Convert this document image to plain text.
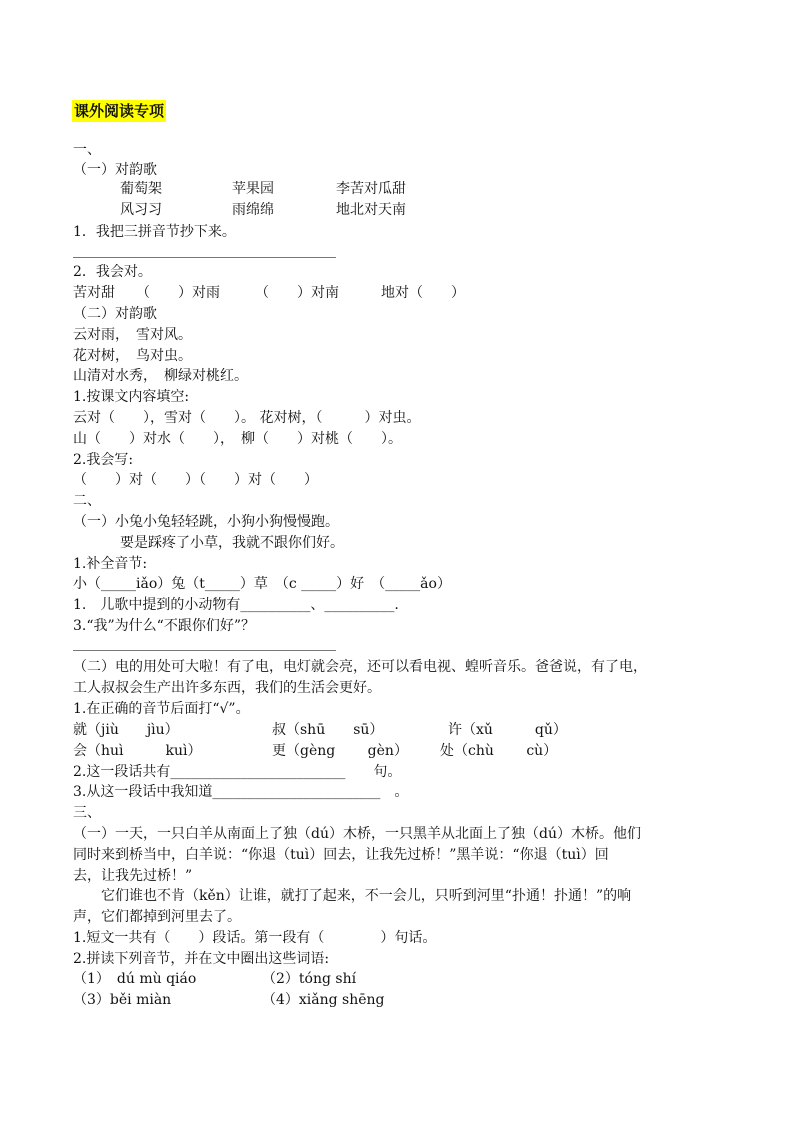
课外阅读专项
一、
（一）对韵歌
葡萄架	苹果园	李苦对瓜甜
风习习	雨绵绵	地北对天南
1．我把三拼音节抄下来。
2．我会对。
苦对甜　　（　　）对雨　　　（　　）对南　　　地对（　　）
（二）对韵歌
云对雨，　雪对风。
花对树，　鸟对虫。
山清对水秀，　柳绿对桃红。
1.按课文内容填空:
云对（　　），雪对（　　）。 花对树，（　　　）对虫。
山（　　）对水（　　），　柳（　　）对桃（　　）。
2.我会写:
（　　）对（　　）（　　）对（　　）
二、
（一）小兔小兔轻轻跳，小狗小狗慢慢跑。
要是踩疼了小草，我就不跟你们好。
1.补全音节:
小（_____iǎo）兔（t_____）草　（c _____）好　（_____ǎo）
1.　儿歌中提到的小动物有__________、__________.
3.“我”为什么“不跟你们好”？
（二）电的用处可大啦！有了电，电灯就会亮，还可以看电视、蝗听音乐。爸爸说，有了电，
工人叔叔会生产出许多东西，我们的生活会更好。
1.在正确的音节后面打“√”。
就（jiù　　jìu）	叔（shū　　sū）	许（xǔ　　　qǔ）
会（huì　　　kuì）	更（gèng　　 gèn） 处（chù　　 cù）
2.这一段话共有_________________________　　句。
3.从这一段话中我知道________________________　。
三、
（一）一天，一只白羊从南面上了独（dú）木桥，一只黑羊从北面上了独（dú）木桥。他们
同时来到桥当中，白羊说：“你退（tuì）回去，让我先过桥！”黑羊说：“你退（tuì）回
去，让我先过桥！”
　　它们谁也不肯（kěn）让谁，就打了起来，不一会儿，只听到河里“扑通！扑通！”的响
声，它们都掉到河里去了。
1.短文一共有（　　）段话。第一段有（　　　　）句话。
2.拼读下列音节，并在文中圈出这些词语:
（1）　dú mù qiáo	（2）tóng shí
（3）běi miàn	（4）xiǎng shēng
